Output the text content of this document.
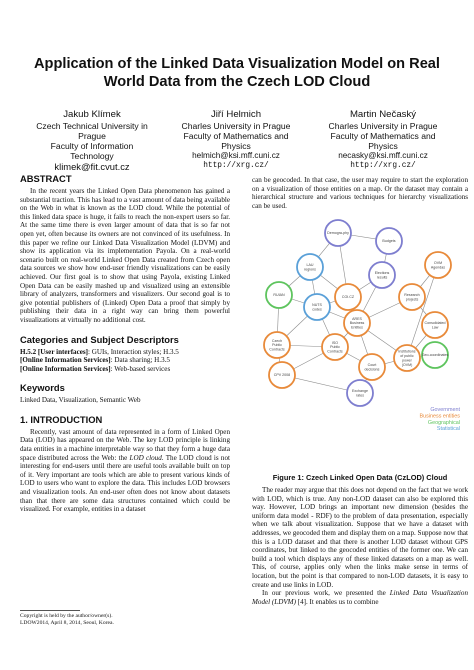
Application of the Linked Data Visualization Model on Real World Data from the Czech LOD Cloud
Jakub Klímek
Czech Technical University in
Prague
Faculty of Information
Technology
klimek@fit.cvut.cz
Jiří Helmich
Charles University in Prague
Faculty of Mathematics and
Physics
helmich@ksi.mff.cuni.cz
http://xrg.cz/
Martin Nečaský
Charles University in Prague
Faculty of Mathematics and
Physics
necasky@ksi.mff.cuni.cz
http://xrg.cz/
ABSTRACT

In the recent years the Linked Open Data phenomenon has gained a substantial traction. This has lead to a vast amount of data being available on the Web in what is known as the LOD cloud. While the potential of this linked data space is huge, it fails to reach the non-expert users so far. At the same time there is even larger amount of data that is so far not open yet, often because its owners are not convinced of its usefulness. In this paper we refine our Linked Data Visualization Model (LDVM) and show its application via its implementation Payola. On a real-world scenario built on real-world Linked Open Data created from Czech open data sources we show how end-user friendly visualizations can be easily achieved. Our first goal is to show that using Payola, existing Linked Open Data can be easily mashed up and visualized using an extensible library of analyzers, transformers and visualizers. Our second goal is to give potential publishers of (Linked) Open Data a proof that simply by publishing their data in a right way can bring them powerful visualizations at virtually no additional cost.

Categories and Subject Descriptors

H.5.2 [User interfaces]: GUIs, Interaction styles; H.3.5
[Online Information Services]: Data sharing; H.3.5
[Online Information Services]: Web-based services

Keywords

Linked Data, Visualization, Semantic Web

1. INTRODUCTION

Recently, vast amount of data represented in a form of Linked Open Data (LOD) has appeared on the Web. The key LOD principle is linking data entities in a machine interpretable way so that they form a huge data space distributed across the Web: the LOD cloud. The LOD cloud is not interesting for end-users until there are useful tools available built on top of it. Very important are tools which are able to present various kinds of LOD to users who want to explore the data. This includes LOD browsers and visualization tools. An end-user often does not know about datasets than that there are some data structures contained which could be visualized. For example, entities in a dataset

Copyright is held by the author/owner(s).
LDOW2014, April 8, 2014, Seoul, Korea.

can be geocoded. In that case, the user may require to start the exploration on a visualization of those entities on a map. Or the dataset may contain a hierarchical structure and various techniques for hierarchy visualizations can be used.

Demogra-phy
Budgets
LAU regions
OVM Agendas
Elections results
COI.CZ
RUIAN
NUTS codes
ARES Business Entities
Research projects
Consolidated Law
Czech Public Contracts
Geo-coordinates
ISO Public Contracts	Institutions of public power (OVM)
Court decisions
CPV 2008
Exchange rates
Government
Business entities
Geographical
Statistical
Figure 1: Czech Linked Open Data (CzLOD) Cloud

The reader may argue that this does not depend on the fact that we work with LOD, which is true. Any non-LOD dataset can also be explored this way. However, LOD brings an important new dimension (besides the uniform data model - RDF) to the problem of data presentation, especially when we talk about visualization. Suppose that we have a dataset with addresses, we geocoded them and display them on a map. Suppose now that this is a LOD dataset and that there is another LOD dataset without GPS coordinates, but linked to the geocoded entities of the former one. We can build a tool which displays any of these linked datasets on a map as well. This, of course, applies only when the links make sense in terms of location, but the point is that compared to non-LOD datasets, it is easy to create and use links in LOD.

In our previous work, we presented the Linked Data Visualization Model (LDVM) [4]. It enables us to combine
